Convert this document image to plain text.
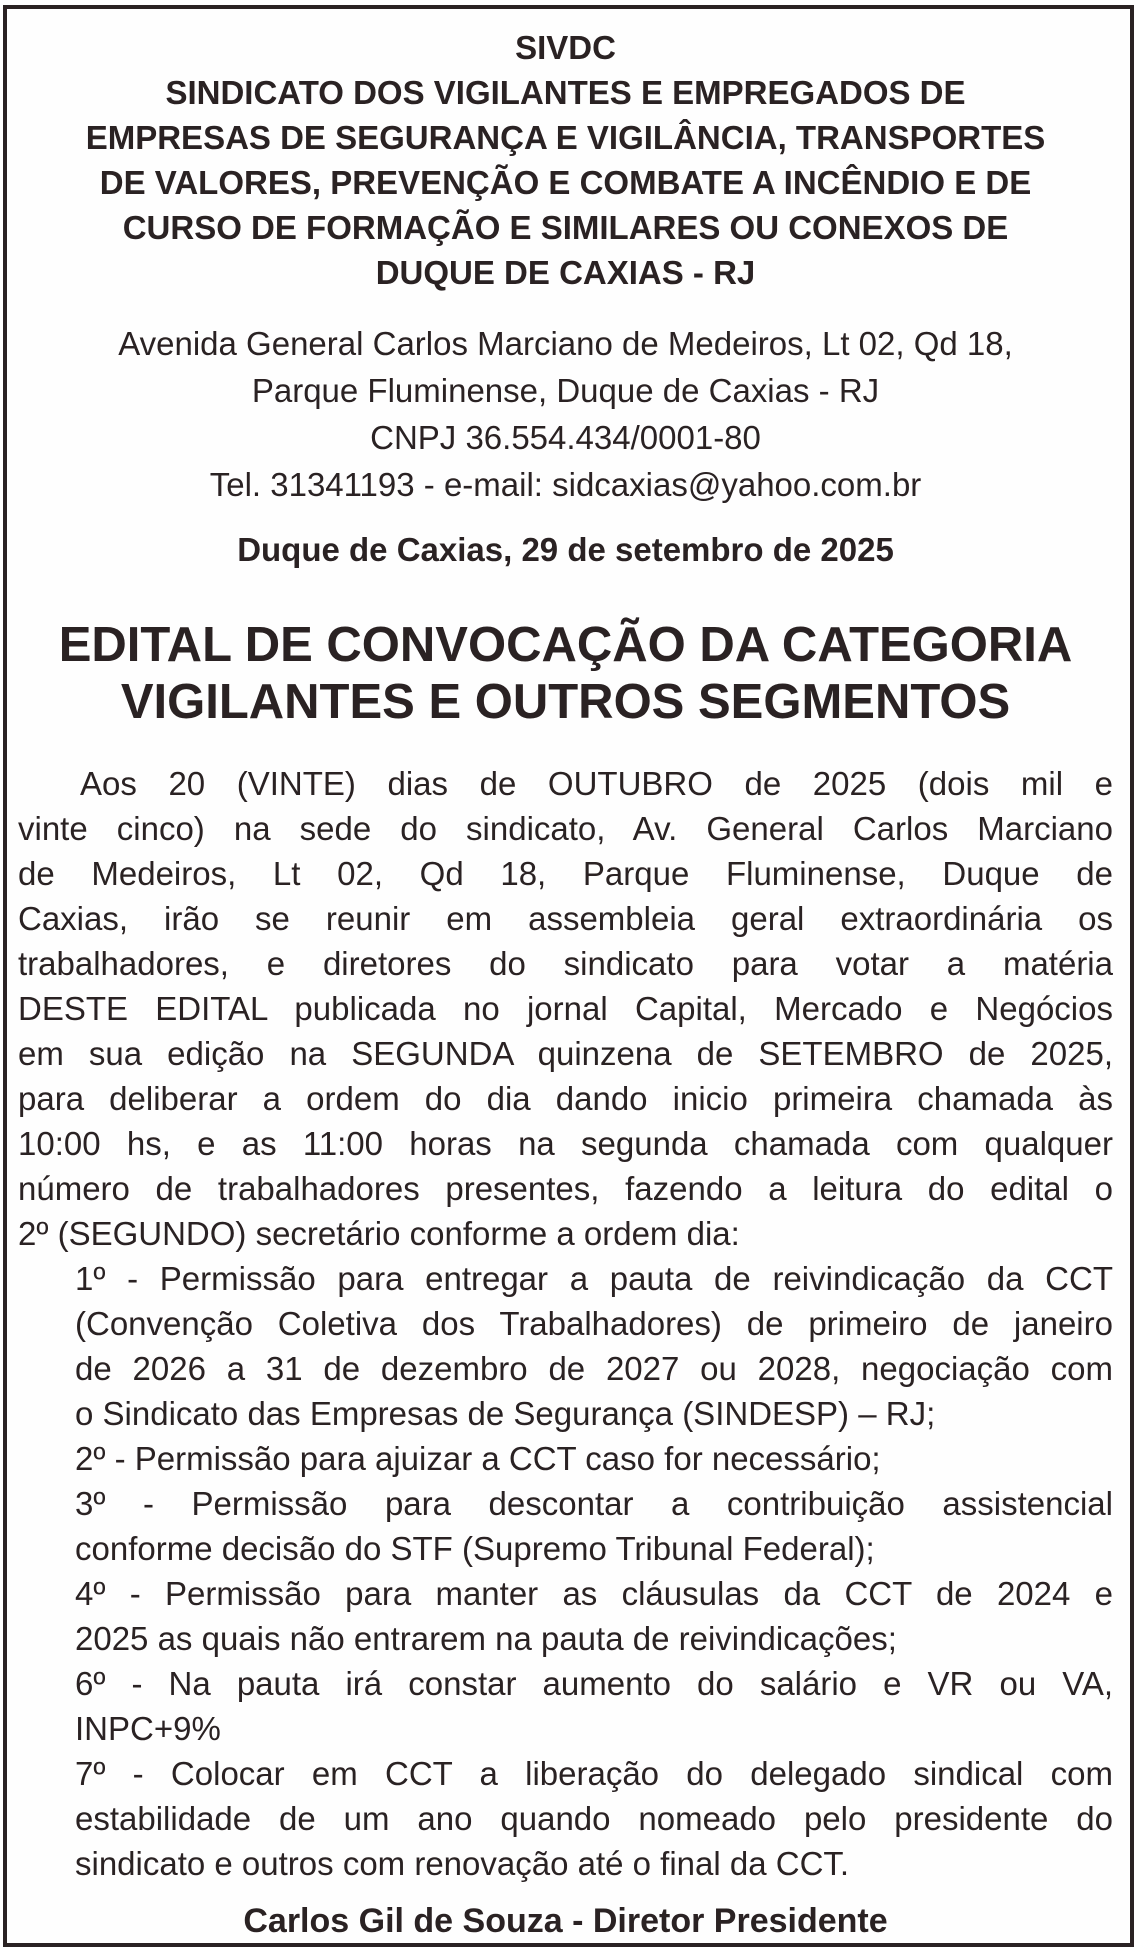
SIVDC
SINDICATO DOS VIGILANTES E EMPREGADOS DE
EMPRESAS DE SEGURANÇA E VIGILÂNCIA, TRANSPORTES
DE VALORES, PREVENÇÃO E COMBATE A INCÊNDIO E DE
CURSO DE FORMAÇÃO E SIMILARES OU CONEXOS DE
DUQUE DE CAXIAS - RJ
Avenida General Carlos Marciano de Medeiros, Lt 02, Qd 18,
Parque Fluminense, Duque de Caxias - RJ
CNPJ 36.554.434/0001-80
Tel. 31341193 - e-mail: sidcaxias@yahoo.com.br
Duque de Caxias, 29 de setembro de 2025
EDITAL DE CONVOCAÇÃO DA CATEGORIA
VIGILANTES E OUTROS SEGMENTOS
Aos 20 (VINTE) dias de OUTUBRO de 2025 (dois mil e
vinte cinco) na sede do sindicato, Av. General Carlos Marciano
de Medeiros, Lt 02, Qd 18, Parque Fluminense, Duque de
Caxias, irão se reunir em assembleia geral extraordinária os
trabalhadores, e diretores do sindicato para votar a matéria
DESTE EDITAL publicada no jornal Capital, Mercado e Negócios
em sua edição na SEGUNDA quinzena de SETEMBRO de 2025,
para deliberar a ordem do dia dando inicio primeira chamada às
10:00 hs, e as 11:00 horas na segunda chamada com qualquer
número de trabalhadores presentes, fazendo a leitura do edital o
2º (SEGUNDO) secretário conforme a ordem dia:
1º - Permissão para entregar a pauta de reivindicação da CCT
(Convenção Coletiva dos Trabalhadores) de primeiro de janeiro
de 2026 a 31 de dezembro de 2027 ou 2028, negociação com
o Sindicato das Empresas de Segurança (SINDESP) – RJ;
2º - Permissão para ajuizar a CCT caso for necessário;
3º - Permissão para descontar a contribuição assistencial
conforme decisão do STF (Supremo Tribunal Federal);
4º - Permissão para manter as cláusulas da CCT de 2024 e
2025 as quais não entrarem na pauta de reivindicações;
6º - Na pauta irá constar aumento do salário e VR ou VA,
INPC+9%
7º - Colocar em CCT a liberação do delegado sindical com
estabilidade de um ano quando nomeado pelo presidente do
sindicato e outros com renovação até o final da CCT.
Carlos Gil de Souza - Diretor Presidente
